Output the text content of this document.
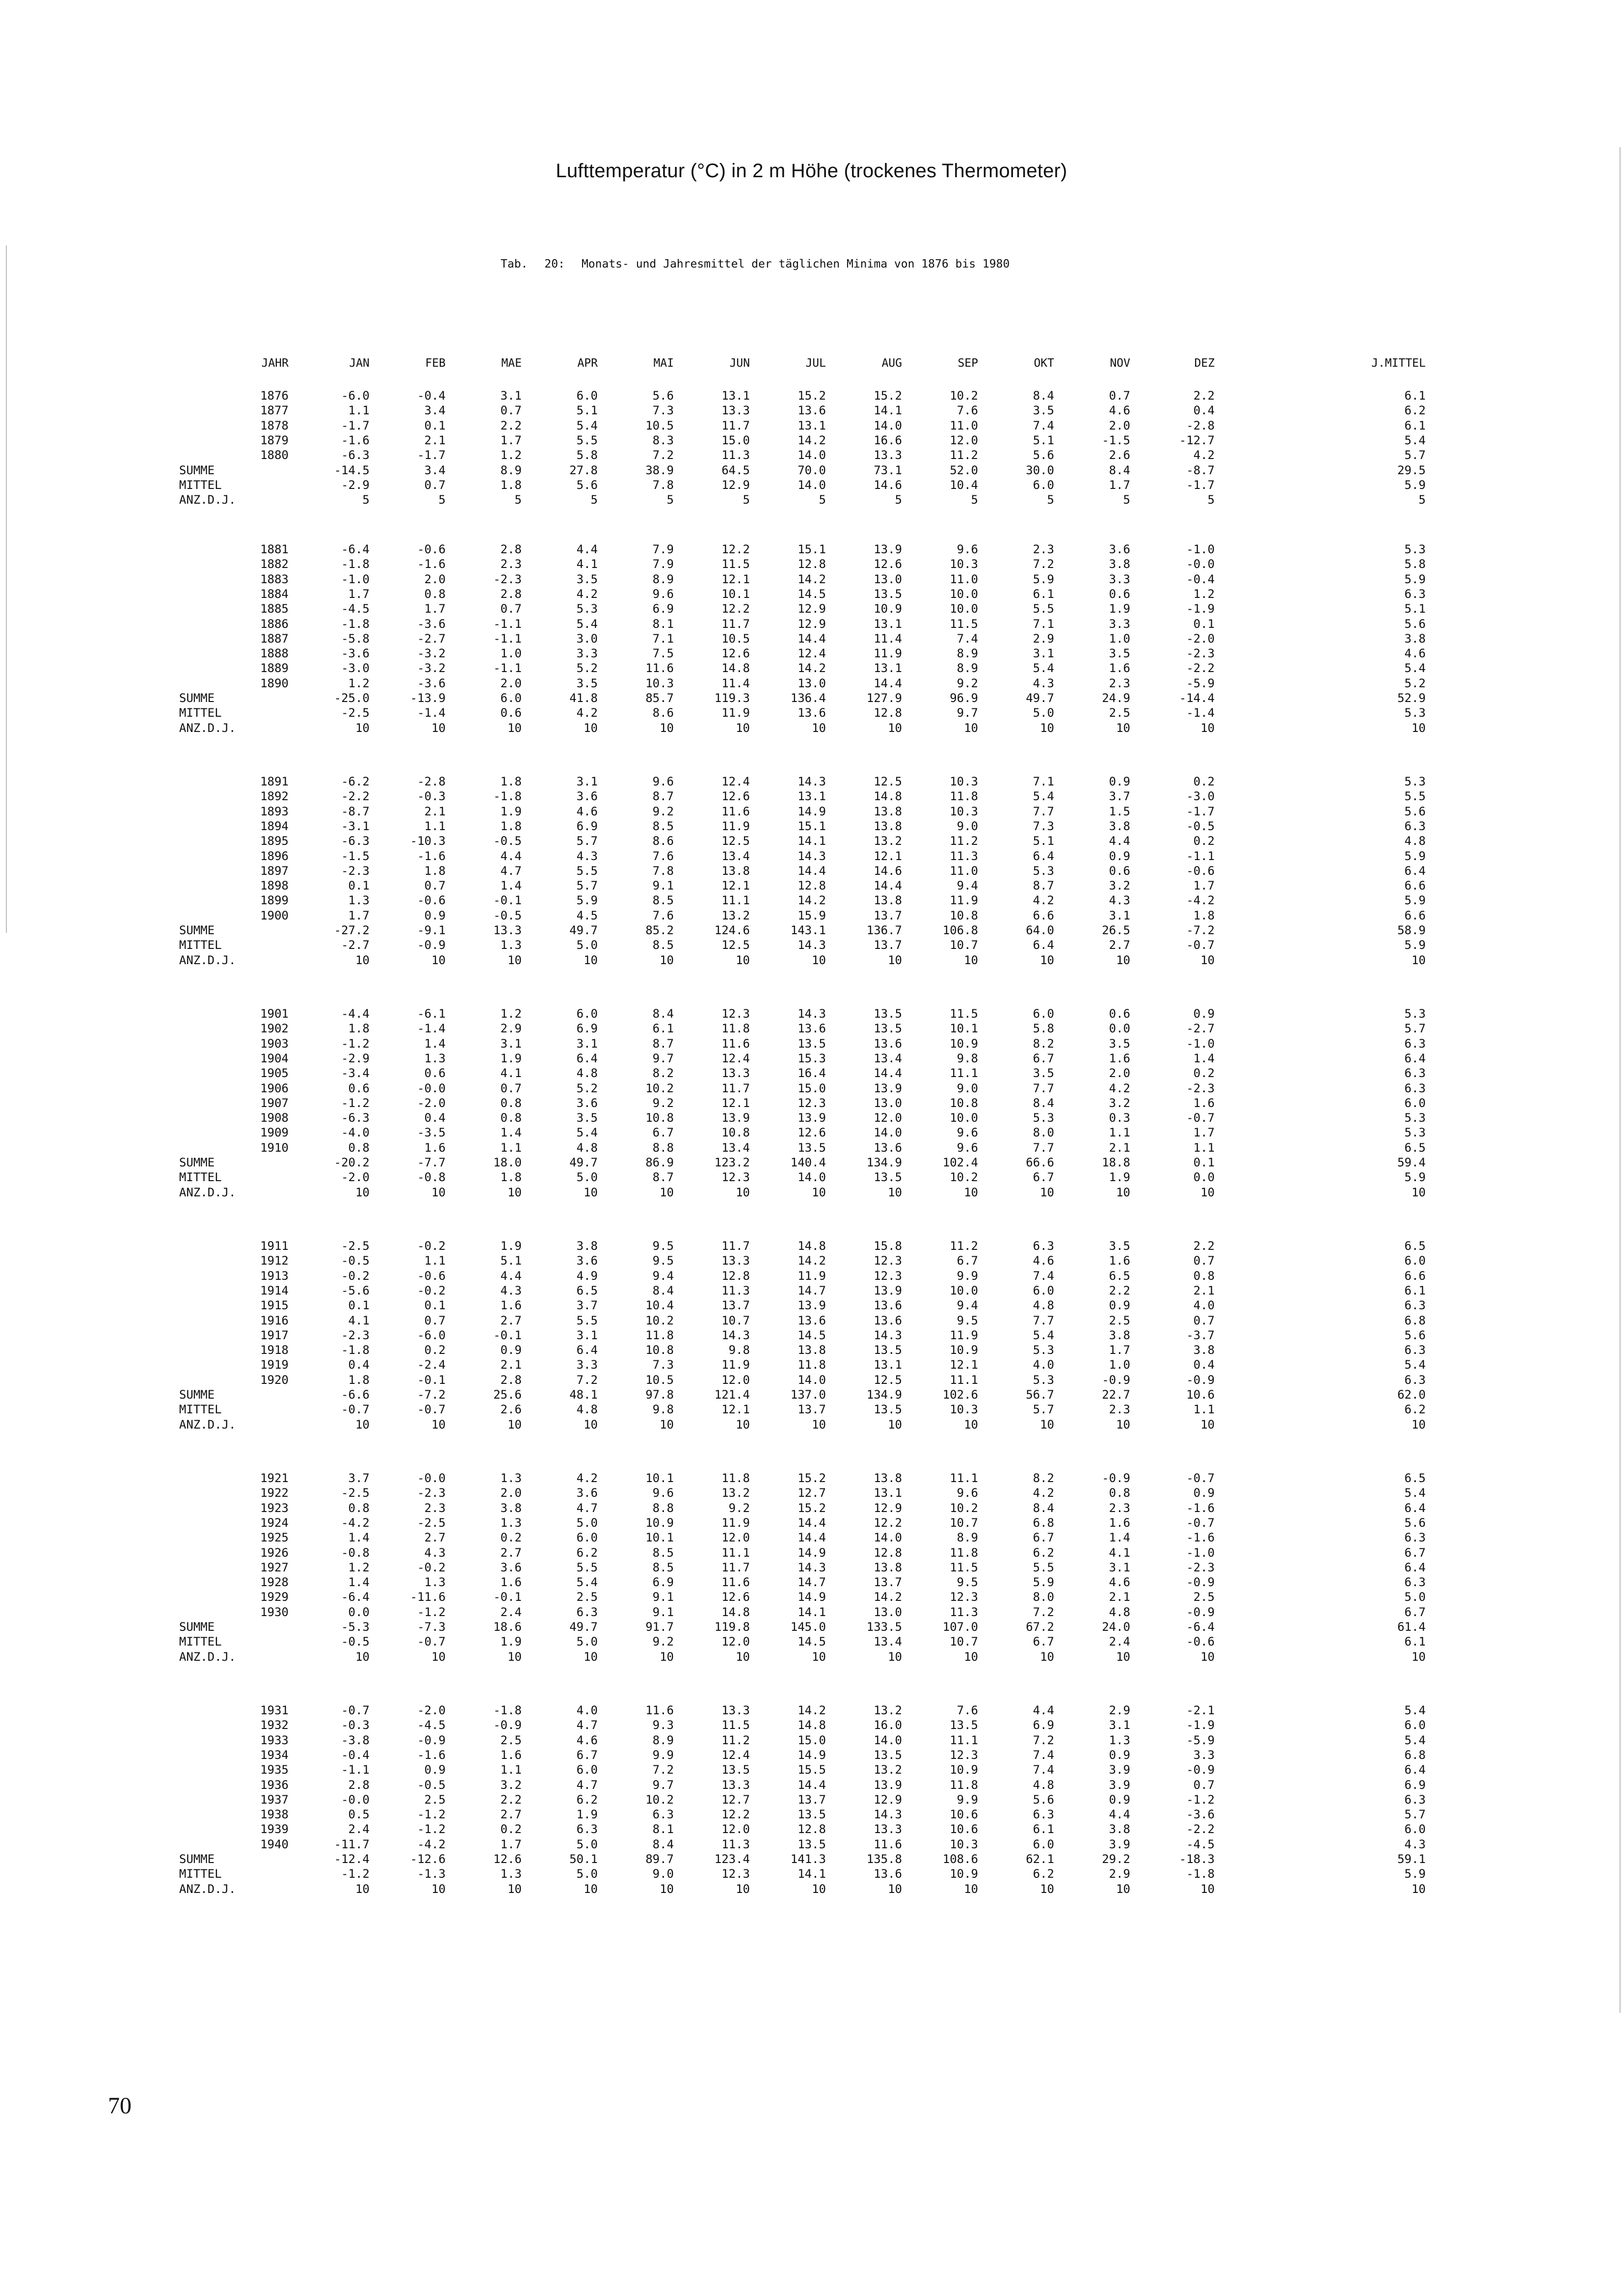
Lufttemperatur (°C) in 2 m Höhe (trockenes Thermometer)
Tab. 20: Monats- und Jahresmittel der täglichen Minima von 1876 bis 1980
JAHR	JAN	FEB	MAE	APR	MAI	JUN	JUL	AUG	SEP	OKT	NOV	DEZ	J.MITTEL
1876	-6.0	-0.4	3.1	6.0	5.6	13.1	15.2	15.2	10.2	8.4	0.7	2.2	6.1
1877	1.1	3.4	0.7	5.1	7.3	13.3	13.6	14.1	7.6	3.5	4.6	0.4	6.2
1878	-1.7	0.1	2.2	5.4	10.5	11.7	13.1	14.0	11.0	7.4	2.0	-2.8	6.1
1879	-1.6	2.1	1.7	5.5	8.3	15.0	14.2	16.6	12.0	5.1	-1.5	-12.7	5.4
1880	-6.3	-1.7	1.2	5.8	7.2	11.3	14.0	13.3	11.2	5.6	2.6	4.2	5.7
SUMME	-14.5	3.4	8.9	27.8	38.9	64.5	70.0	73.1	52.0	30.0	8.4	-8.7	29.5
MITTEL	-2.9	0.7	1.8	5.6	7.8	12.9	14.0	14.6	10.4	6.0	1.7	-1.7	5.9
ANZ.D.J.	5	5	5	5	5	5	5	5	5	5	5	5	5
1881	-6.4	-0.6	2.8	4.4	7.9	12.2	15.1	13.9	9.6	2.3	3.6	-1.0	5.3
1882	-1.8	-1.6	2.3	4.1	7.9	11.5	12.8	12.6	10.3	7.2	3.8	-0.0	5.8
1883	-1.0	2.0	-2.3	3.5	8.9	12.1	14.2	13.0	11.0	5.9	3.3	-0.4	5.9
1884	1.7	0.8	2.8	4.2	9.6	10.1	14.5	13.5	10.0	6.1	0.6	1.2	6.3
1885	-4.5	1.7	0.7	5.3	6.9	12.2	12.9	10.9	10.0	5.5	1.9	-1.9	5.1
1886	-1.8	-3.6	-1.1	5.4	8.1	11.7	12.9	13.1	11.5	7.1	3.3	0.1	5.6
1887	-5.8	-2.7	-1.1	3.0	7.1	10.5	14.4	11.4	7.4	2.9	1.0	-2.0	3.8
1888	-3.6	-3.2	1.0	3.3	7.5	12.6	12.4	11.9	8.9	3.1	3.5	-2.3	4.6
1889	-3.0	-3.2	-1.1	5.2	11.6	14.8	14.2	13.1	8.9	5.4	1.6	-2.2	5.4
1890	1.2	-3.6	2.0	3.5	10.3	11.4	13.0	14.4	9.2	4.3	2.3	-5.9	5.2
SUMME	-25.0	-13.9	6.0	41.8	85.7	119.3	136.4	127.9	96.9	49.7	24.9	-14.4	52.9
MITTEL	-2.5	-1.4	0.6	4.2	8.6	11.9	13.6	12.8	9.7	5.0	2.5	-1.4	5.3
ANZ.D.J.	10	10	10	10	10	10	10	10	10	10	10	10	10
1891	-6.2	-2.8	1.8	3.1	9.6	12.4	14.3	12.5	10.3	7.1	0.9	0.2	5.3
1892	-2.2	-0.3	-1.8	3.6	8.7	12.6	13.1	14.8	11.8	5.4	3.7	-3.0	5.5
1893	-8.7	2.1	1.9	4.6	9.2	11.6	14.9	13.8	10.3	7.7	1.5	-1.7	5.6
1894	-3.1	1.1	1.8	6.9	8.5	11.9	15.1	13.8	9.0	7.3	3.8	-0.5	6.3
1895	-6.3	-10.3	-0.5	5.7	8.6	12.5	14.1	13.2	11.2	5.1	4.4	0.2	4.8
1896	-1.5	-1.6	4.4	4.3	7.6	13.4	14.3	12.1	11.3	6.4	0.9	-1.1	5.9
1897	-2.3	1.8	4.7	5.5	7.8	13.8	14.4	14.6	11.0	5.3	0.6	-0.6	6.4
1898	0.1	0.7	1.4	5.7	9.1	12.1	12.8	14.4	9.4	8.7	3.2	1.7	6.6
1899	1.3	-0.6	-0.1	5.9	8.5	11.1	14.2	13.8	11.9	4.2	4.3	-4.2	5.9
1900	1.7	0.9	-0.5	4.5	7.6	13.2	15.9	13.7	10.8	6.6	3.1	1.8	6.6
SUMME	-27.2	-9.1	13.3	49.7	85.2	124.6	143.1	136.7	106.8	64.0	26.5	-7.2	58.9
MITTEL	-2.7	-0.9	1.3	5.0	8.5	12.5	14.3	13.7	10.7	6.4	2.7	-0.7	5.9
ANZ.D.J.	10	10	10	10	10	10	10	10	10	10	10	10	10
1901	-4.4	-6.1	1.2	6.0	8.4	12.3	14.3	13.5	11.5	6.0	0.6	0.9	5.3
1902	1.8	-1.4	2.9	6.9	6.1	11.8	13.6	13.5	10.1	5.8	0.0	-2.7	5.7
1903	-1.2	1.4	3.1	3.1	8.7	11.6	13.5	13.6	10.9	8.2	3.5	-1.0	6.3
1904	-2.9	1.3	1.9	6.4	9.7	12.4	15.3	13.4	9.8	6.7	1.6	1.4	6.4
1905	-3.4	0.6	4.1	4.8	8.2	13.3	16.4	14.4	11.1	3.5	2.0	0.2	6.3
1906	0.6	-0.0	0.7	5.2	10.2	11.7	15.0	13.9	9.0	7.7	4.2	-2.3	6.3
1907	-1.2	-2.0	0.8	3.6	9.2	12.1	12.3	13.0	10.8	8.4	3.2	1.6	6.0
1908	-6.3	0.4	0.8	3.5	10.8	13.9	13.9	12.0	10.0	5.3	0.3	-0.7	5.3
1909	-4.0	-3.5	1.4	5.4	6.7	10.8	12.6	14.0	9.6	8.0	1.1	1.7	5.3
1910	0.8	1.6	1.1	4.8	8.8	13.4	13.5	13.6	9.6	7.7	2.1	1.1	6.5
SUMME	-20.2	-7.7	18.0	49.7	86.9	123.2	140.4	134.9	102.4	66.6	18.8	0.1	59.4
MITTEL	-2.0	-0.8	1.8	5.0	8.7	12.3	14.0	13.5	10.2	6.7	1.9	0.0	5.9
ANZ.D.J.	10	10	10	10	10	10	10	10	10	10	10	10	10
1911	-2.5	-0.2	1.9	3.8	9.5	11.7	14.8	15.8	11.2	6.3	3.5	2.2	6.5
1912	-0.5	1.1	5.1	3.6	9.5	13.3	14.2	12.3	6.7	4.6	1.6	0.7	6.0
1913	-0.2	-0.6	4.4	4.9	9.4	12.8	11.9	12.3	9.9	7.4	6.5	0.8	6.6
1914	-5.6	-0.2	4.3	6.5	8.4	11.3	14.7	13.9	10.0	6.0	2.2	2.1	6.1
1915	0.1	0.1	1.6	3.7	10.4	13.7	13.9	13.6	9.4	4.8	0.9	4.0	6.3
1916	4.1	0.7	2.7	5.5	10.2	10.7	13.6	13.6	9.5	7.7	2.5	0.7	6.8
1917	-2.3	-6.0	-0.1	3.1	11.8	14.3	14.5	14.3	11.9	5.4	3.8	-3.7	5.6
1918	-1.8	0.2	0.9	6.4	10.8	9.8	13.8	13.5	10.9	5.3	1.7	3.8	6.3
1919	0.4	-2.4	2.1	3.3	7.3	11.9	11.8	13.1	12.1	4.0	1.0	0.4	5.4
1920	1.8	-0.1	2.8	7.2	10.5	12.0	14.0	12.5	11.1	5.3	-0.9	-0.9	6.3
SUMME	-6.6	-7.2	25.6	48.1	97.8	121.4	137.0	134.9	102.6	56.7	22.7	10.6	62.0
MITTEL	-0.7	-0.7	2.6	4.8	9.8	12.1	13.7	13.5	10.3	5.7	2.3	1.1	6.2
ANZ.D.J.	10	10	10	10	10	10	10	10	10	10	10	10	10
1921	3.7	-0.0	1.3	4.2	10.1	11.8	15.2	13.8	11.1	8.2	-0.9	-0.7	6.5
1922	-2.5	-2.3	2.0	3.6	9.6	13.2	12.7	13.1	9.6	4.2	0.8	0.9	5.4
1923	0.8	2.3	3.8	4.7	8.8	9.2	15.2	12.9	10.2	8.4	2.3	-1.6	6.4
1924	-4.2	-2.5	1.3	5.0	10.9	11.9	14.4	12.2	10.7	6.8	1.6	-0.7	5.6
1925	1.4	2.7	0.2	6.0	10.1	12.0	14.4	14.0	8.9	6.7	1.4	-1.6	6.3
1926	-0.8	4.3	2.7	6.2	8.5	11.1	14.9	12.8	11.8	6.2	4.1	-1.0	6.7
1927	1.2	-0.2	3.6	5.5	8.5	11.7	14.3	13.8	11.5	5.5	3.1	-2.3	6.4
1928	1.4	1.3	1.6	5.4	6.9	11.6	14.7	13.7	9.5	5.9	4.6	-0.9	6.3
1929	-6.4	-11.6	-0.1	2.5	9.1	12.6	14.9	14.2	12.3	8.0	2.1	2.5	5.0
1930	0.0	-1.2	2.4	6.3	9.1	14.8	14.1	13.0	11.3	7.2	4.8	-0.9	6.7
SUMME	-5.3	-7.3	18.6	49.7	91.7	119.8	145.0	133.5	107.0	67.2	24.0	-6.4	61.4
MITTEL	-0.5	-0.7	1.9	5.0	9.2	12.0	14.5	13.4	10.7	6.7	2.4	-0.6	6.1
ANZ.D.J.	10	10	10	10	10	10	10	10	10	10	10	10	10
1931	-0.7	-2.0	-1.8	4.0	11.6	13.3	14.2	13.2	7.6	4.4	2.9	-2.1	5.4
1932	-0.3	-4.5	-0.9	4.7	9.3	11.5	14.8	16.0	13.5	6.9	3.1	-1.9	6.0
1933	-3.8	-0.9	2.5	4.6	8.9	11.2	15.0	14.0	11.1	7.2	1.3	-5.9	5.4
1934	-0.4	-1.6	1.6	6.7	9.9	12.4	14.9	13.5	12.3	7.4	0.9	3.3	6.8
1935	-1.1	0.9	1.1	6.0	7.2	13.5	15.5	13.2	10.9	7.4	3.9	-0.9	6.4
1936	2.8	-0.5	3.2	4.7	9.7	13.3	14.4	13.9	11.8	4.8	3.9	0.7	6.9
1937	-0.0	2.5	2.2	6.2	10.2	12.7	13.7	12.9	9.9	5.6	0.9	-1.2	6.3
1938	0.5	-1.2	2.7	1.9	6.3	12.2	13.5	14.3	10.6	6.3	4.4	-3.6	5.7
1939	2.4	-1.2	0.2	6.3	8.1	12.0	12.8	13.3	10.6	6.1	3.8	-2.2	6.0
1940	-11.7	-4.2	1.7	5.0	8.4	11.3	13.5	11.6	10.3	6.0	3.9	-4.5	4.3
SUMME	-12.4	-12.6	12.6	50.1	89.7	123.4	141.3	135.8	108.6	62.1	29.2	-18.3	59.1
MITTEL	-1.2	-1.3	1.3	5.0	9.0	12.3	14.1	13.6	10.9	6.2	2.9	-1.8	5.9
ANZ.D.J.	10	10	10	10	10	10	10	10	10	10	10	10	10
70
